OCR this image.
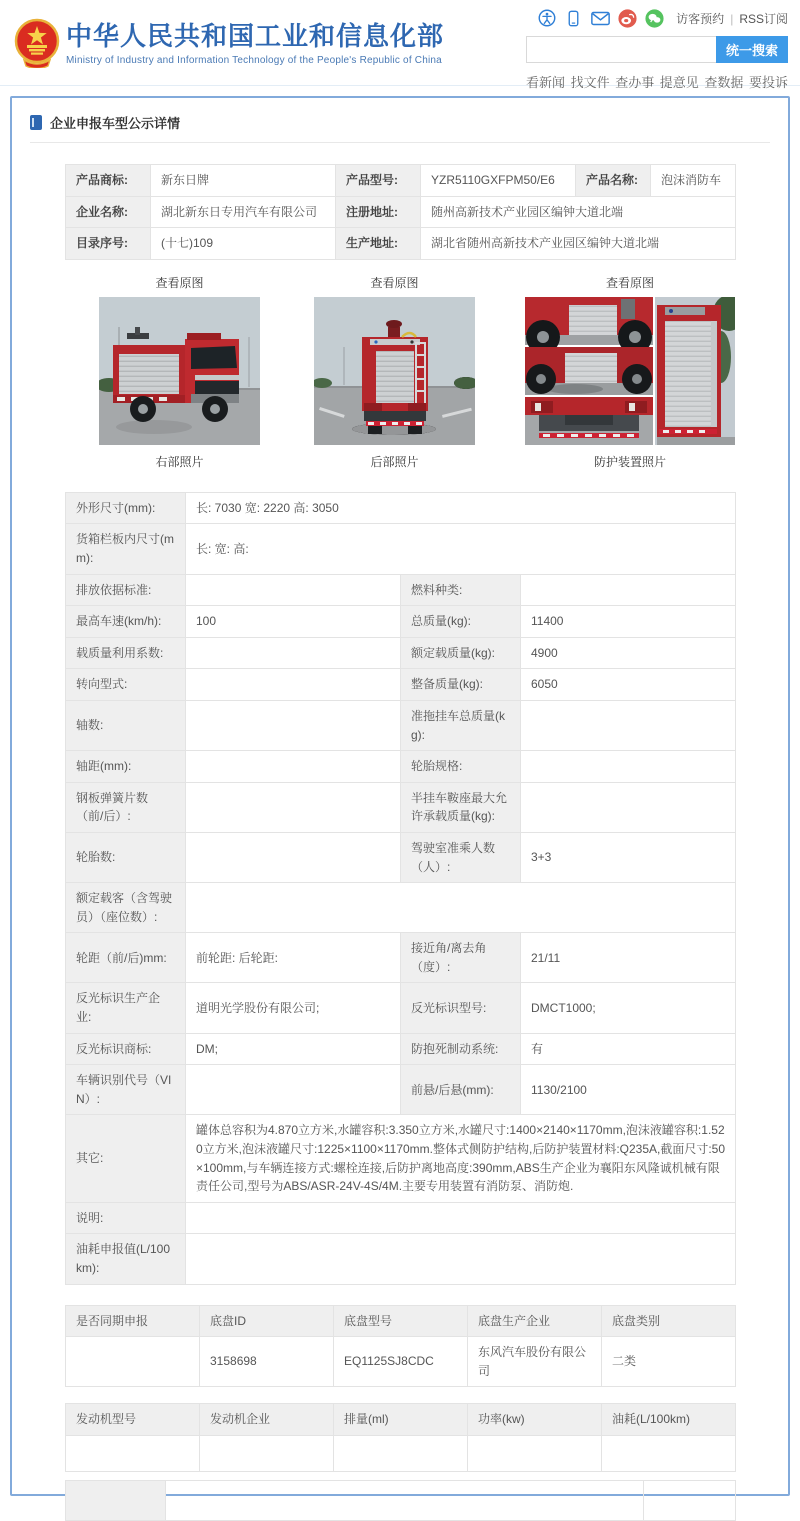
中华人民共和国工业和信息化部
Ministry of Industry and Information Technology of the People's Republic of China
访客预约 | RSS订阅
统一搜索
看新闻 找文件 查办事 提意见 查数据 要投诉
企业申报车型公示详情
产品商标:	新东日牌	产品型号:	YZR5110GXFPM50/E6	产品名称:	泡沫消防车
企业名称:	湖北新东日专用汽车有限公司	注册地址:	随州高新技术产业园区编钟大道北端		
目录序号:	(十七)109	生产地址:	湖北省随州高新技术产业园区编钟大道北端		
查看原图
右部照片
查看原图
后部照片
查看原图
防护装置照片
外形尺寸(mm):	长: 7030 宽: 2220 高: 3050		
货箱栏板内尺寸(mm):	长: 宽: 高:		
排放依据标准:		燃料种类:	
最高车速(km/h):	100	总质量(kg):	11400
载质量利用系数:		额定载质量(kg):	4900
转向型式:		整备质量(kg):	6050
轴数:		准拖挂车总质量(kg):	
轴距(mm):		轮胎规格:	
钢板弹簧片数（前/后）:		半挂车鞍座最大允许承载质量(kg):	
轮胎数:		驾驶室准乘人数（人）:	3+3
额定载客（含驾驶员）（座位数）:			
轮距（前/后)mm:	前轮距: 后轮距:	接近角/离去角（度）:	21/11
反光标识生产企业:	道明光学股份有限公司;	反光标识型号:	DMCT1000;
反光标识商标:	DM;	防抱死制动系统:	有
车辆识别代号（VIN）:		前悬/后悬(mm):	1130/2100
其它:	罐体总容积为4.870立方米,水罐容积:3.350立方米,水罐尺寸:1400×2140×1170mm,泡沫液罐容积:1.520立方米,泡沫液罐尺寸:1225×1100×1170mm.整体式侧防护结构,后防护装置材料:Q235A,截面尺寸:50×100mm,与车辆连接方式:螺栓连接,后防护离地高度:390mm,ABS生产企业为襄阳东风隆诚机械有限责任公司,型号为ABS/ASR-24V-4S/4M.主要专用装置有消防泵、消防炮.		
说明:			
油耗申报值(L/100km):			
是否同期申报	底盘ID	底盘型号	底盘生产企业	底盘类别
	3158698	EQ1125SJ8CDC	东风汽车股份有限公司	二类
发动机型号	发动机企业	排量(ml)	功率(kw)	油耗(L/100km)
